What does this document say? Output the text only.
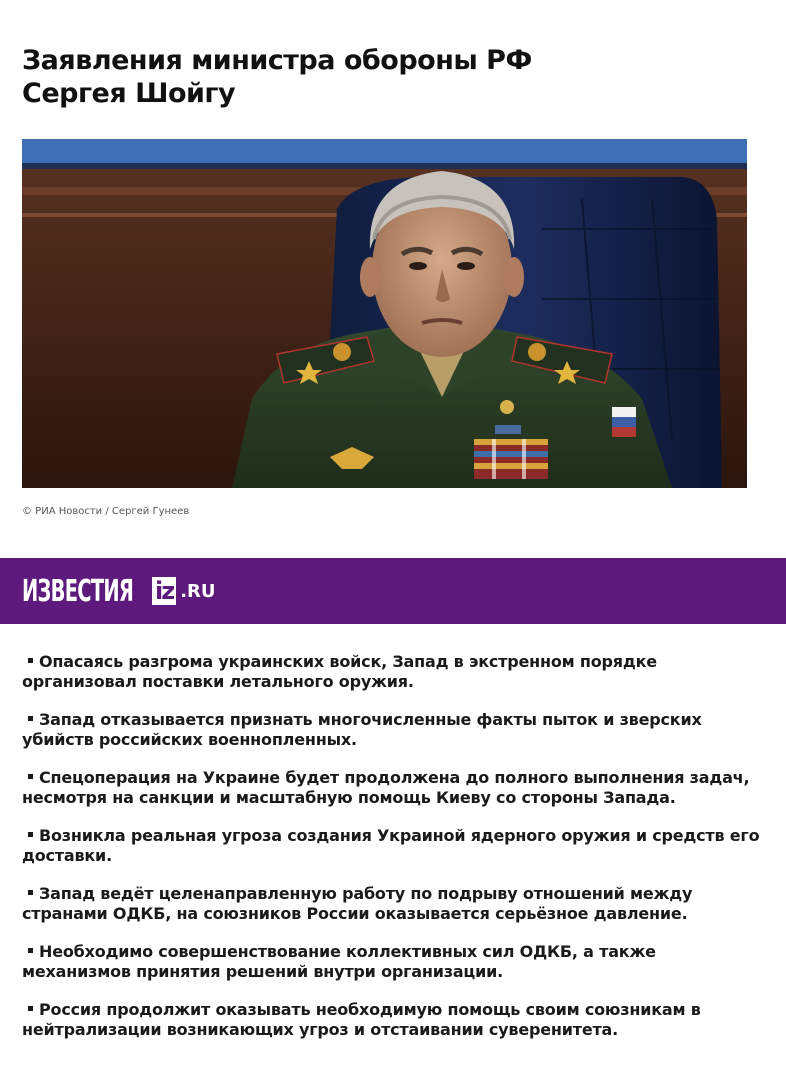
Заявления министра обороны РФ
Сергея Шойгу
© РИА Новости / Сергей Гунеев
ИЗВЕСТИЯ iz .RU
Опасаясь разгрома украинских войск, Запад в экстренном порядке организовал поставки летального оружия.
Запад отказывается признать многочисленные факты пыток и зверских убийств российских военнопленных.
Спецоперация на Украине будет продолжена до полного выполнения задач, несмотря на санкции и масштабную помощь Киеву со стороны Запада.
Возникла реальная угроза создания Украиной ядерного оружия и средств его доставки.
Запад ведёт целенаправленную работу по подрыву отношений между странами ОДКБ, на союзников России оказывается серьёзное давление.
Необходимо совершенствование коллективных сил ОДКБ, а также механизмов принятия решений внутри организации.
Россия продолжит оказывать необходимую помощь своим союзникам в нейтрализации возникающих угроз и отстаивании суверенитета.
